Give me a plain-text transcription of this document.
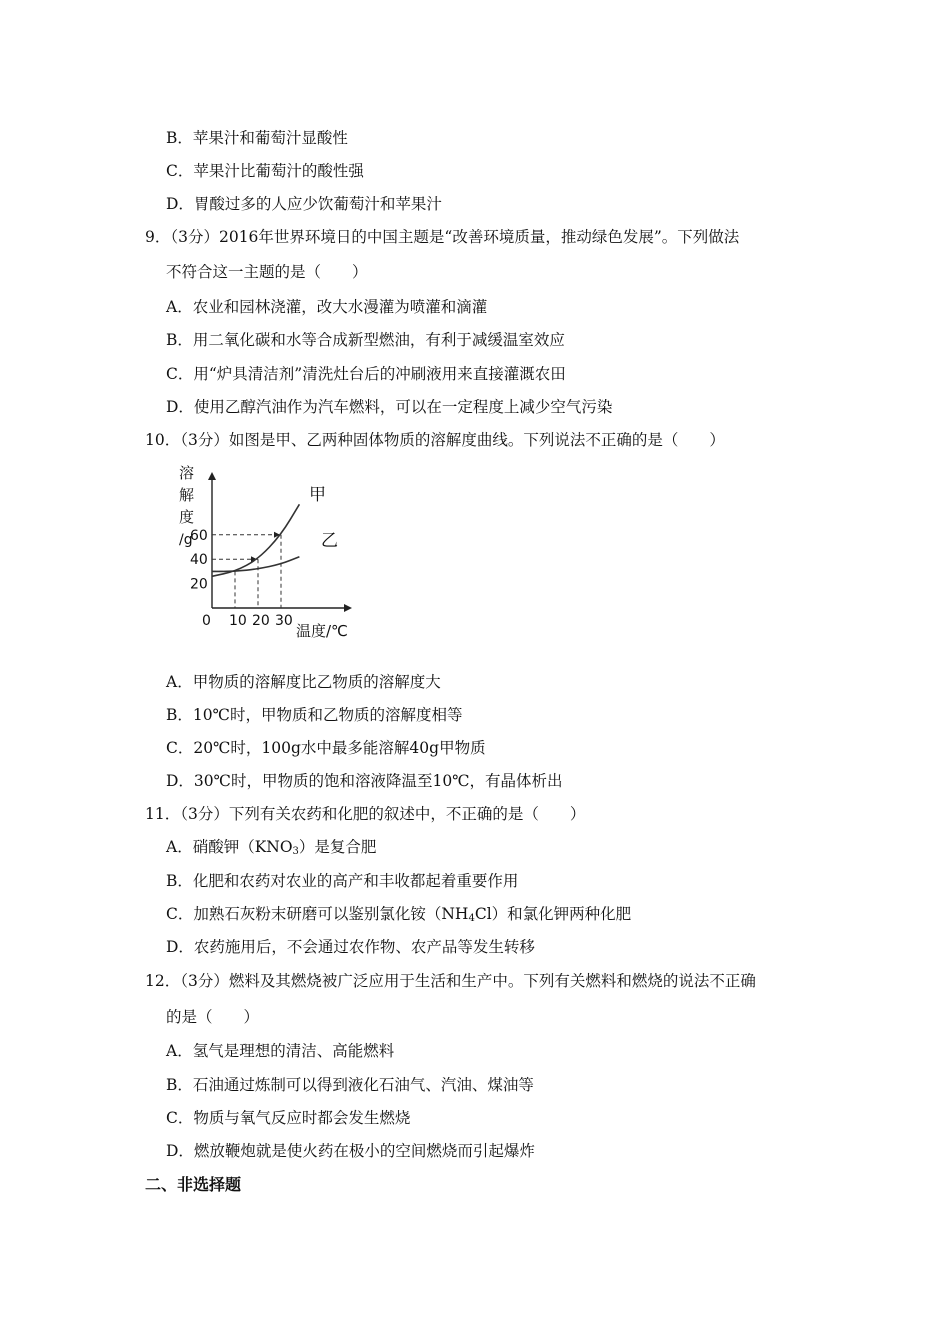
B．苹果汁和葡萄汁显酸性
C．苹果汁比葡萄汁的酸性强
D．胃酸过多的人应少饮葡萄汁和苹果汁
9．（3分）2016年世界环境日的中国主题是“改善环境质量，推动绿色发展”。下列做法
不符合这一主题的是（　　）
A．农业和园林浇灌，改大水漫灌为喷灌和滴灌
B．用二氧化碳和水等合成新型燃油，有利于减缓温室效应
C．用“炉具清洁剂”清洗灶台后的冲刷液用来直接灌溉农田
D．使用乙醇汽油作为汽车燃料，可以在一定程度上减少空气污染
10．（3分）如图是甲、乙两种固体物质的溶解度曲线。下列说法不正确的是（　　）
溶
解
度
/g
温度/℃
0 10 20 30
60
40
20
甲
乙
A．甲物质的溶解度比乙物质的溶解度大
B．10℃时，甲物质和乙物质的溶解度相等
C．20℃时，100g水中最多能溶解40g甲物质
D．30℃时，甲物质的饱和溶液降温至10℃，有晶体析出
11．（3分）下列有关农药和化肥的叙述中，不正确的是（　　）
A．硝酸钾$(KNO_3)$是复合肥
B．化肥和农药对农业的高产和丰收都起着重要作用
C．加熟石灰粉末研磨可以鉴别氯化铵$(NH_4Cl)$和氯化钾两种化肥
D．农药施用后，不会通过农作物、农产品等发生转移
12．（3分）燃料及其燃烧被广泛应用于生活和生产中。下列有关燃料和燃烧的说法不正确
的是（　　）
A．氢气是理想的清洁、高能燃料
B．石油通过炼制可以得到液化石油气、汽油、煤油等
C．物质与氧气反应时都会发生燃烧
D．燃放鞭炮就是使火药在极小的空间燃烧而引起爆炸
二、非选择题
